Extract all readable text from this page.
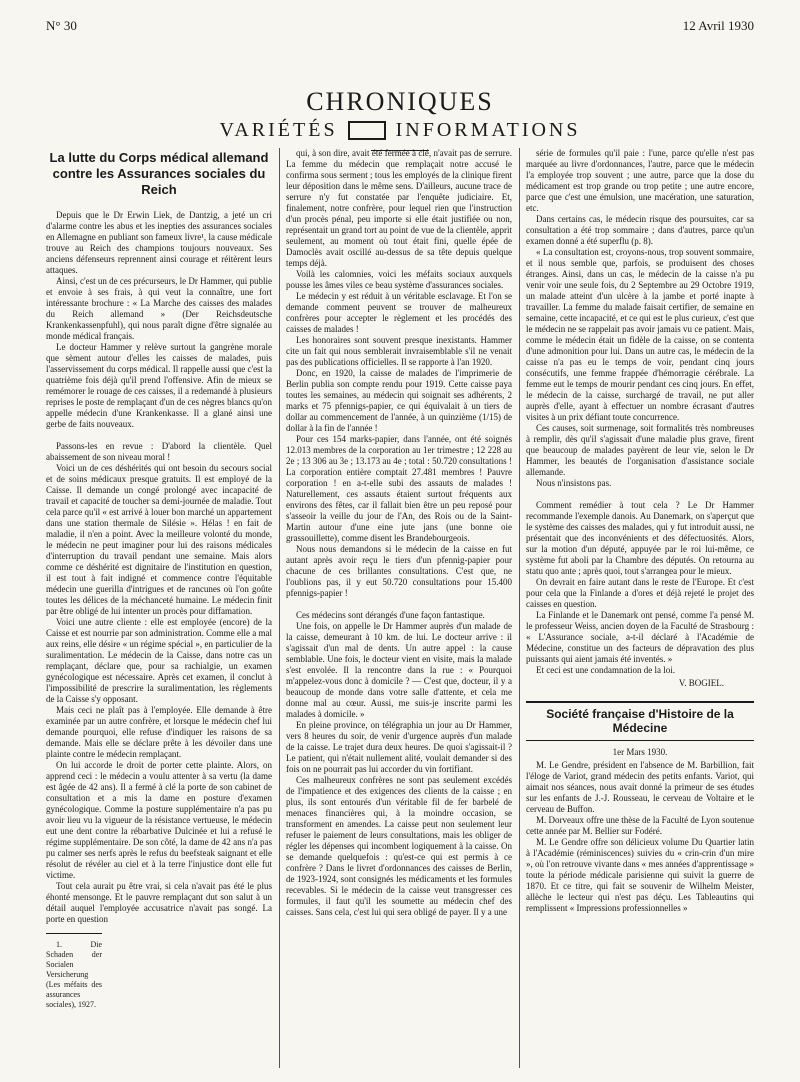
N° 30	12 Avril 1930
CHRONIQUES
VARIÉTÉS	INFORMATIONS
La lutte du Corps médical allemand
contre les Assurances sociales du Reich

Depuis que le Dr Erwin Liek, de Dantzig, a jeté un cri d'alarme contre les abus et les inepties des assurances sociales en Allemagne en publiant son fameux livre¹, la cause médicale trouve au Reich des champions toujours nouveaux. Ses anciens défenseurs reprennent ainsi courage et réitèrent leurs attaques.

Ainsi, c'est un de ces précurseurs, le Dr Hammer, qui publie et envoie à ses frais, à qui veut la connaître, une fort intéressante brochure : « La Marche des caisses des malades du Reich allemand » (Der Reichsdeutsche Krankenkassenpfuhl), qui nous paraît digne d'être signalée au monde médical français.

Le docteur Hammer y relève surtout la gangrène morale que sèment autour d'elles les caisses de malades, puis l'asservissement du corps médical. Il rappelle aussi que c'est la quatrième fois déjà qu'il prend l'offensive. Afin de mieux se remémorer le rouage de ces caisses, il a redemandé à plusieurs reprises le poste de remplaçant d'un de ces nègres blancs qu'on appelle médecin d'une Krankenkasse. Il a glané ainsi une gerbe de faits nouveaux.

Passons-les en revue : D'abord la clientèle. Quel abaissement de son niveau moral !

Voici un de ces déshérités qui ont besoin du secours social et de soins médicaux presque gratuits. Il est employé de la Caisse. Il demande un congé prolongé avec incapacité de travail et capacité de toucher sa demi-journée de maladie. Tout cela parce qu'il « est arrivé à louer bon marché un appartement dans une station thermale de Silésie ». Hélas ! en fait de maladie, il n'en a point. Avec la meilleure volonté du monde, le médecin ne peut imaginer pour lui des raisons médicales d'interruption du travail pendant une semaine. Mais alors comme ce déshérité est dignitaire de l'institution en question, il est tout à fait indigné et commence contre l'équitable médecin une guerilla d'intrigues et de rancunes où l'on goûte toutes les délices de la méchanceté humaine. Le médecin finit par être obligé de lui intenter un procès pour diffamation.

Voici une autre cliente : elle est employée (encore) de la Caisse et est nourrie par son administration. Comme elle a mal aux reins, elle désire « un régime spécial », en particulier de la suralimentation. Le médecin de la Caisse, dans notre cas un remplaçant, déclare que, pour sa rachialgie, un examen gynécologique est nécessaire. Après cet examen, il conclut à l'impossibilité de prescrire la suralimentation, les règlements de la Caisse s'y opposant.

Mais ceci ne plaît pas à l'employée. Elle demande à être examinée par un autre confrère, et lorsque le médecin chef lui demande pourquoi, elle refuse d'indiquer les raisons de sa demande. Mais elle se déclare prête à les dévoiler dans une plainte contre le médecin remplaçant.

On lui accorde le droit de porter cette plainte. Alors, on apprend ceci : le médecin a voulu attenter à sa vertu (la dame est âgée de 42 ans). Il a fermé à clé la porte de son cabinet de consultation et a mis la dame en posture d'examen gynécologique. Comme la posture supplémentaire n'a pas pu avoir lieu vu la vigueur de la résistance vertueuse, le médecin eut une dent contre la rébarbative Dulcinée et lui a refusé le régime supplémentaire. De son côté, la dame de 42 ans n'a pas pu calmer ses nerfs après le refus du beefsteak saignant et elle résolut de révéler au ciel et à la terre l'injustice dont elle fut victime.

Tout cela aurait pu être vrai, si cela n'avait pas été le plus éhonté mensonge. Et le pauvre remplaçant dut son salut à un détail auquel l'employée accusatrice n'avait pas songé. La porte en question

1. Die Schaden der Socialen Versicherung (Les méfaits des assurances sociales), 1927.

qui, à son dire, avait été fermée à clé, n'avait pas de serrure. La femme du médecin que remplaçait notre accusé le confirma sous serment ; tous les employés de la clinique firent leur déposition dans le même sens. D'ailleurs, aucune trace de serrure n'y fut constatée par l'enquête judiciaire. Et, finalement, notre confrère, pour lequel rien que l'instruction d'un procès pénal, peu importe si elle était justifiée ou non, représentait un grand tort au point de vue de la clientèle, apprit seulement, au moment où tout était fini, quelle épée de Damoclès avait oscillé au-dessus de sa tête depuis quelque temps déjà.

Voilà les calomnies, voici les méfaits sociaux auxquels pousse les âmes viles ce beau système d'assurances sociales.

Le médecin y est réduit à un véritable esclavage. Et l'on se demande comment peuvent se trouver de malheureux confrères pour accepter le règlement et les procédés des caisses de malades !

Les honoraires sont souvent presque inexistants. Hammer cite un fait qui nous semblerait invraisemblable s'il ne venait pas des publications officielles. Il se rapporte à l'an 1920.

Donc, en 1920, la caisse de malades de l'imprimerie de Berlin publia son compte rendu pour 1919. Cette caisse paya toutes les semaines, au médecin qui soignait ses adhérents, 2 marks et 75 pfennigs-papier, ce qui équivalait à un tiers de dollar au commencement de l'année, à un quinzième (1/15) de dollar à la fin de l'année !

Pour ces 154 marks-papier, dans l'année, ont été soignés 12.013 membres de la corporation au 1er trimestre ; 12 228 au 2e ; 13 306 au 3e ; 13.173 au 4e ; total : 50.720 consultations ! La corporation entière comptait 27.481 membres ! Pauvre corporation ! en a-t-elle subi des assauts de malades ! Naturellement, ces assauts étaient surtout fréquents aux environs des fêtes, car il fallait bien être un peu reposé pour s'asseoir la veille du jour de l'An, des Rois ou de la Saint-Martin autour d'une eine jute jans (une bonne oie grassouillette), comme disent les Brandebourgeois.

Nous nous demandons si le médecin de la caisse en fut autant après avoir reçu le tiers d'un pfennig-papier pour chacune de ces brillantes consultations. C'est que, ne l'oublions pas, il y eut 50.720 consultations pour 15.400 pfennigs-papier !

Ces médecins sont dérangés d'une façon fantastique.

Une fois, on appelle le Dr Hammer auprès d'un malade de la caisse, demeurant à 10 km. de lui. Le docteur arrive : il s'agissait d'un mal de dents. Un autre appel : la cause semblable. Une fois, le docteur vient en visite, mais la malade s'est envolée. Il la rencontre dans la rue : « Pourquoi m'appelez-vous donc à domicile ? — C'est que, docteur, il y a beaucoup de monde dans votre salle d'attente, et cela me donne mal au cœur. Aussi, me suis-je inscrite parmi les malades à domicile. »

En pleine province, on télégraphia un jour au Dr Hammer, vers 8 heures du soir, de venir d'urgence auprès d'un malade de la caisse. Le trajet dura deux heures. De quoi s'agissait-il ? Le patient, qui n'était nullement alité, voulait demander si des fois on ne pourrait pas lui accorder du vin fortifiant.

Ces malheureux confrères ne sont pas seulement excédés de l'impatience et des exigences des clients de la caisse ; en plus, ils sont entourés d'un véritable fil de fer barbelé de menaces financières qui, à la moindre occasion, se transforment en amendes. La caisse peut non seulement leur refuser le paiement de leurs consultations, mais les obliger de régler les dépenses qui incombent logiquement à la caisse. On se demande quelquefois : qu'est-ce qui est permis à ce confrère ? Dans le livret d'ordonnances des caisses de Berlin, de 1923-1924, sont consignés les médicaments et les formules recevables. Si le médecin de la caisse veut transgresser ces formules, il faut qu'il les soumette au médecin chef des caisses. Sans cela, c'est lui qui sera obligé de payer. Il y a une

série de formules qu'il paie : l'une, parce qu'elle n'est pas marquée au livre d'ordonnances, l'autre, parce que le médecin l'a employée trop souvent ; une autre, parce que la dose du médicament est trop grande ou trop petite ; une autre encore, parce que c'est une émulsion, une macération, une saturation, etc.

Dans certains cas, le médecin risque des poursuites, car sa consultation a été trop sommaire ; dans d'autres, parce qu'un examen donné a été superflu (p. 8).

« La consultation est, croyons-nous, trop souvent sommaire, et il nous semble que, parfois, se produisent des choses étranges. Ainsi, dans un cas, le médecin de la caisse n'a pu venir voir une seule fois, du 2 Septembre au 29 Octobre 1919, un malade atteint d'un ulcère à la jambe et porté inapte à travailler. La femme du malade faisait certifier, de semaine en semaine, cette incapacité, et ce qui est le plus curieux, c'est que le médecin ne se rappelait pas avoir jamais vu ce patient. Mais, comme le médecin était un fidèle de la caisse, on se contenta d'une admonition pour lui. Dans un autre cas, le médecin de la caisse n'a pas eu le temps de voir, pendant cinq jours consécutifs, une femme frappée d'hémorragie cérébrale. La femme eut le temps de mourir pendant ces cinq jours. En effet, le médecin de la caisse, surchargé de travail, ne put aller auprès d'elle, ayant à effectuer un nombre écrasant d'autres visites à un prix défiant toute concurrence.

Ces causes, soit surmenage, soit formalités très nombreuses à remplir, dès qu'il s'agissait d'une maladie plus grave, firent que beaucoup de malades payèrent de leur vie, selon le Dr Hammer, les beautés de l'organisation d'assistance sociale allemande.

Nous n'insistons pas.

Comment remédier à tout cela ? Le Dr Hammer recommande l'exemple danois. Au Danemark, on s'aperçut que le système des caisses des malades, qui y fut introduit aussi, ne présentait que des inconvénients et des défectuosités. Alors, sur la motion d'un député, appuyée par le roi lui-même, ce système fut aboli par la Chambre des députés. On retourna au statu quo ante ; après quoi, tout s'arrangea pour le mieux.

On devrait en faire autant dans le reste de l'Europe. Et c'est pour cela que la Finlande a d'ores et déjà rejeté le projet des caisses en question.

La Finlande et le Danemark ont pensé, comme l'a pensé M. le professeur Weiss, ancien doyen de la Faculté de Strasbourg : « L'Assurance sociale, a-t-il déclaré à l'Académie de Médecine, constitue un des facteurs de dépravation des plus puissants qui aient jamais été inventés. »

Et ceci est une condamnation de la loi.

V. BOGIEL.
Société française d'Histoire de la Médecine
1er Mars 1930.

M. Le Gendre, président en l'absence de M. Barbillion, fait l'éloge de Variot, grand médecin des petits enfants. Variot, qui aimait nos séances, nous avait donné la primeur de ses études sur les enfants de J.-J. Rousseau, le cerveau de Voltaire et le cerveau de Buffon.

M. Dorveaux offre une thèse de la Faculté de Lyon soutenue cette année par M. Bellier sur Fodéré.

M. Le Gendre offre son délicieux volume Du Quartier latin à l'Académie (réminiscences) suivies du « crin-crin d'un mire », où l'on retrouve vivante dans « mes années d'apprentissage » toute la période médicale parisienne qui suivit la guerre de 1870. Et ce titre, qui fait se souvenir de Wilhelm Meister, allèche le lecteur qui n'est pas déçu. Les Tableautins qui remplissent « Impressions professionnelles »
